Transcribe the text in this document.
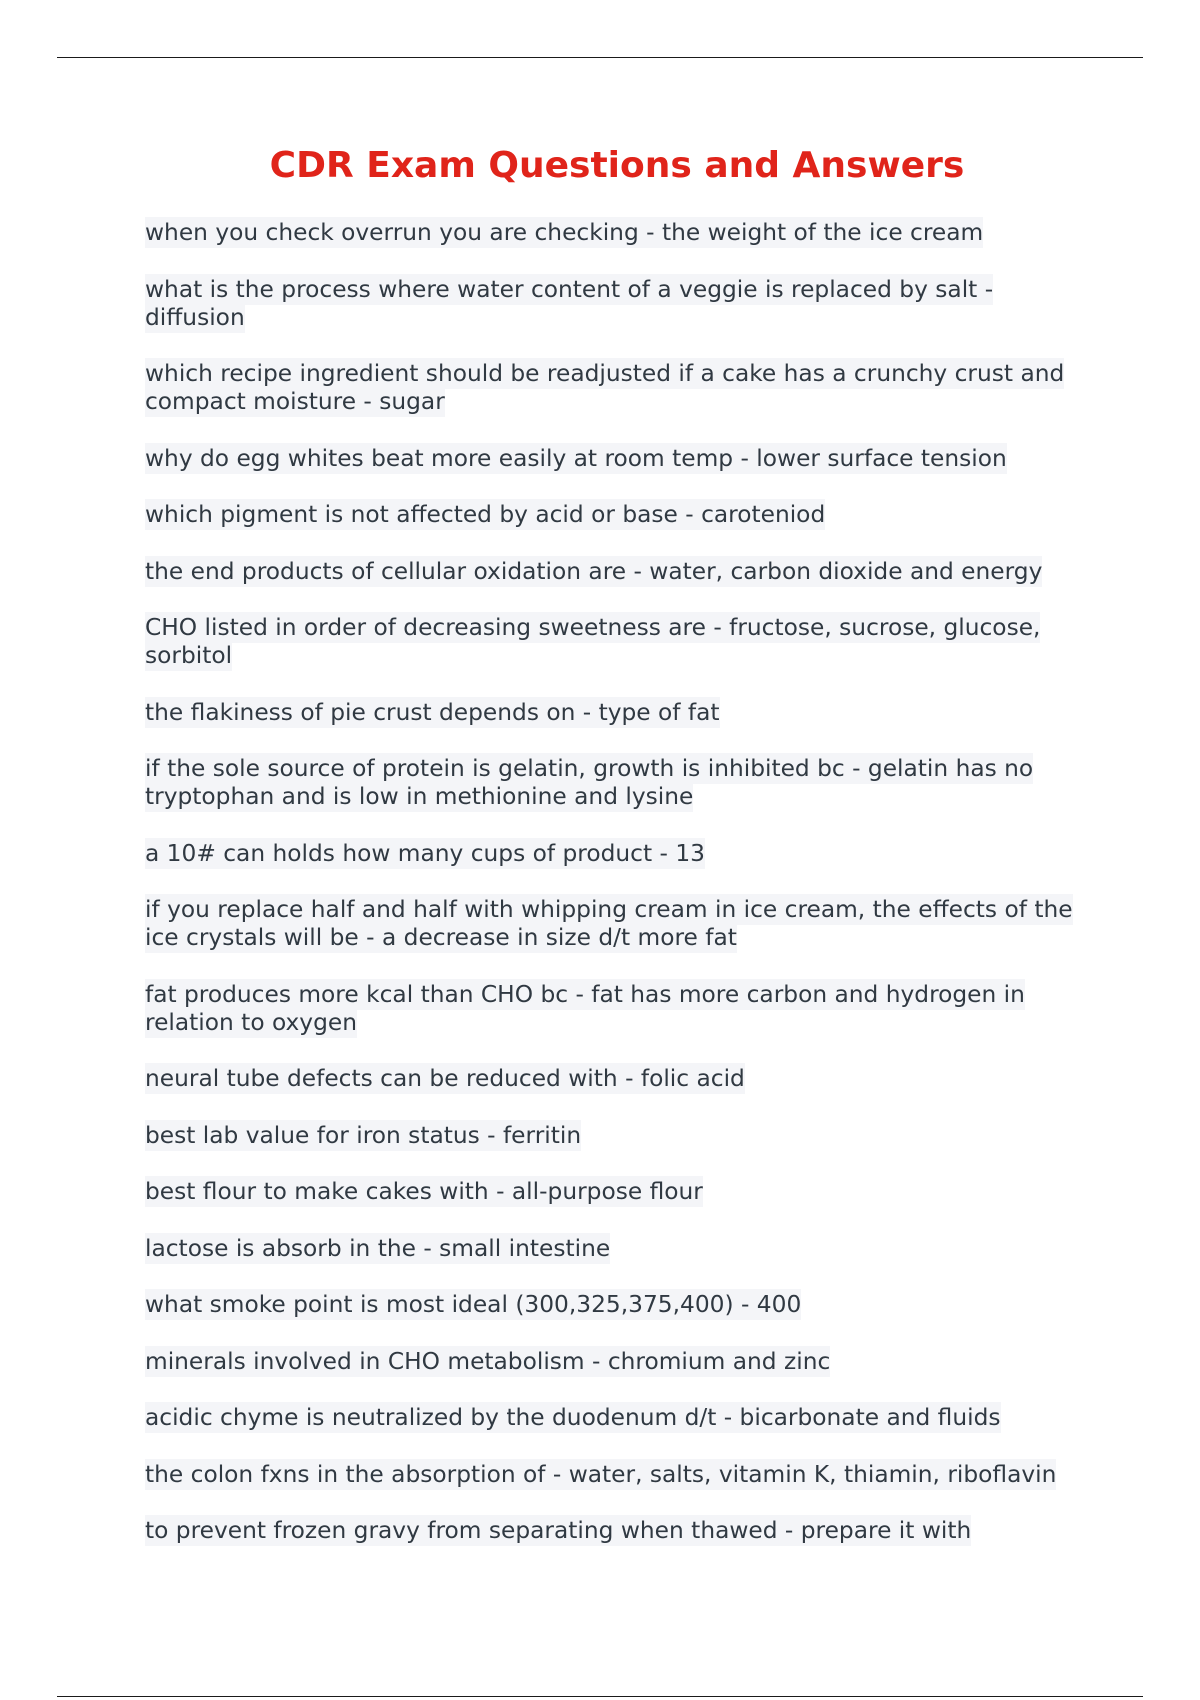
CDR Exam Questions and Answers
when you check overrun you are checking - the weight of the ice cream
what is the process where water content of a veggie is replaced by salt - diffusion
which recipe ingredient should be readjusted if a cake has a crunchy crust and compact moisture - sugar
why do egg whites beat more easily at room temp - lower surface tension
which pigment is not affected by acid or base - caroteniod
the end products of cellular oxidation are - water, carbon dioxide and energy
CHO listed in order of decreasing sweetness are - fructose, sucrose, glucose, sorbitol
the flakiness of pie crust depends on - type of fat
if the sole source of protein is gelatin, growth is inhibited bc - gelatin has no tryptophan and is low in methionine and lysine
a 10# can holds how many cups of product - 13
if you replace half and half with whipping cream in ice cream, the effects of the ice crystals will be - a decrease in size d/t more fat
fat produces more kcal than CHO bc - fat has more carbon and hydrogen in relation to oxygen
neural tube defects can be reduced with - folic acid
best lab value for iron status - ferritin
best flour to make cakes with - all-purpose flour
lactose is absorb in the - small intestine
what smoke point is most ideal (300,325,375,400) - 400
minerals involved in CHO metabolism - chromium and zinc
acidic chyme is neutralized by the duodenum d/t - bicarbonate and fluids
the colon fxns in the absorption of - water, salts, vitamin K, thiamin, riboflavin
to prevent frozen gravy from separating when thawed - prepare it with
